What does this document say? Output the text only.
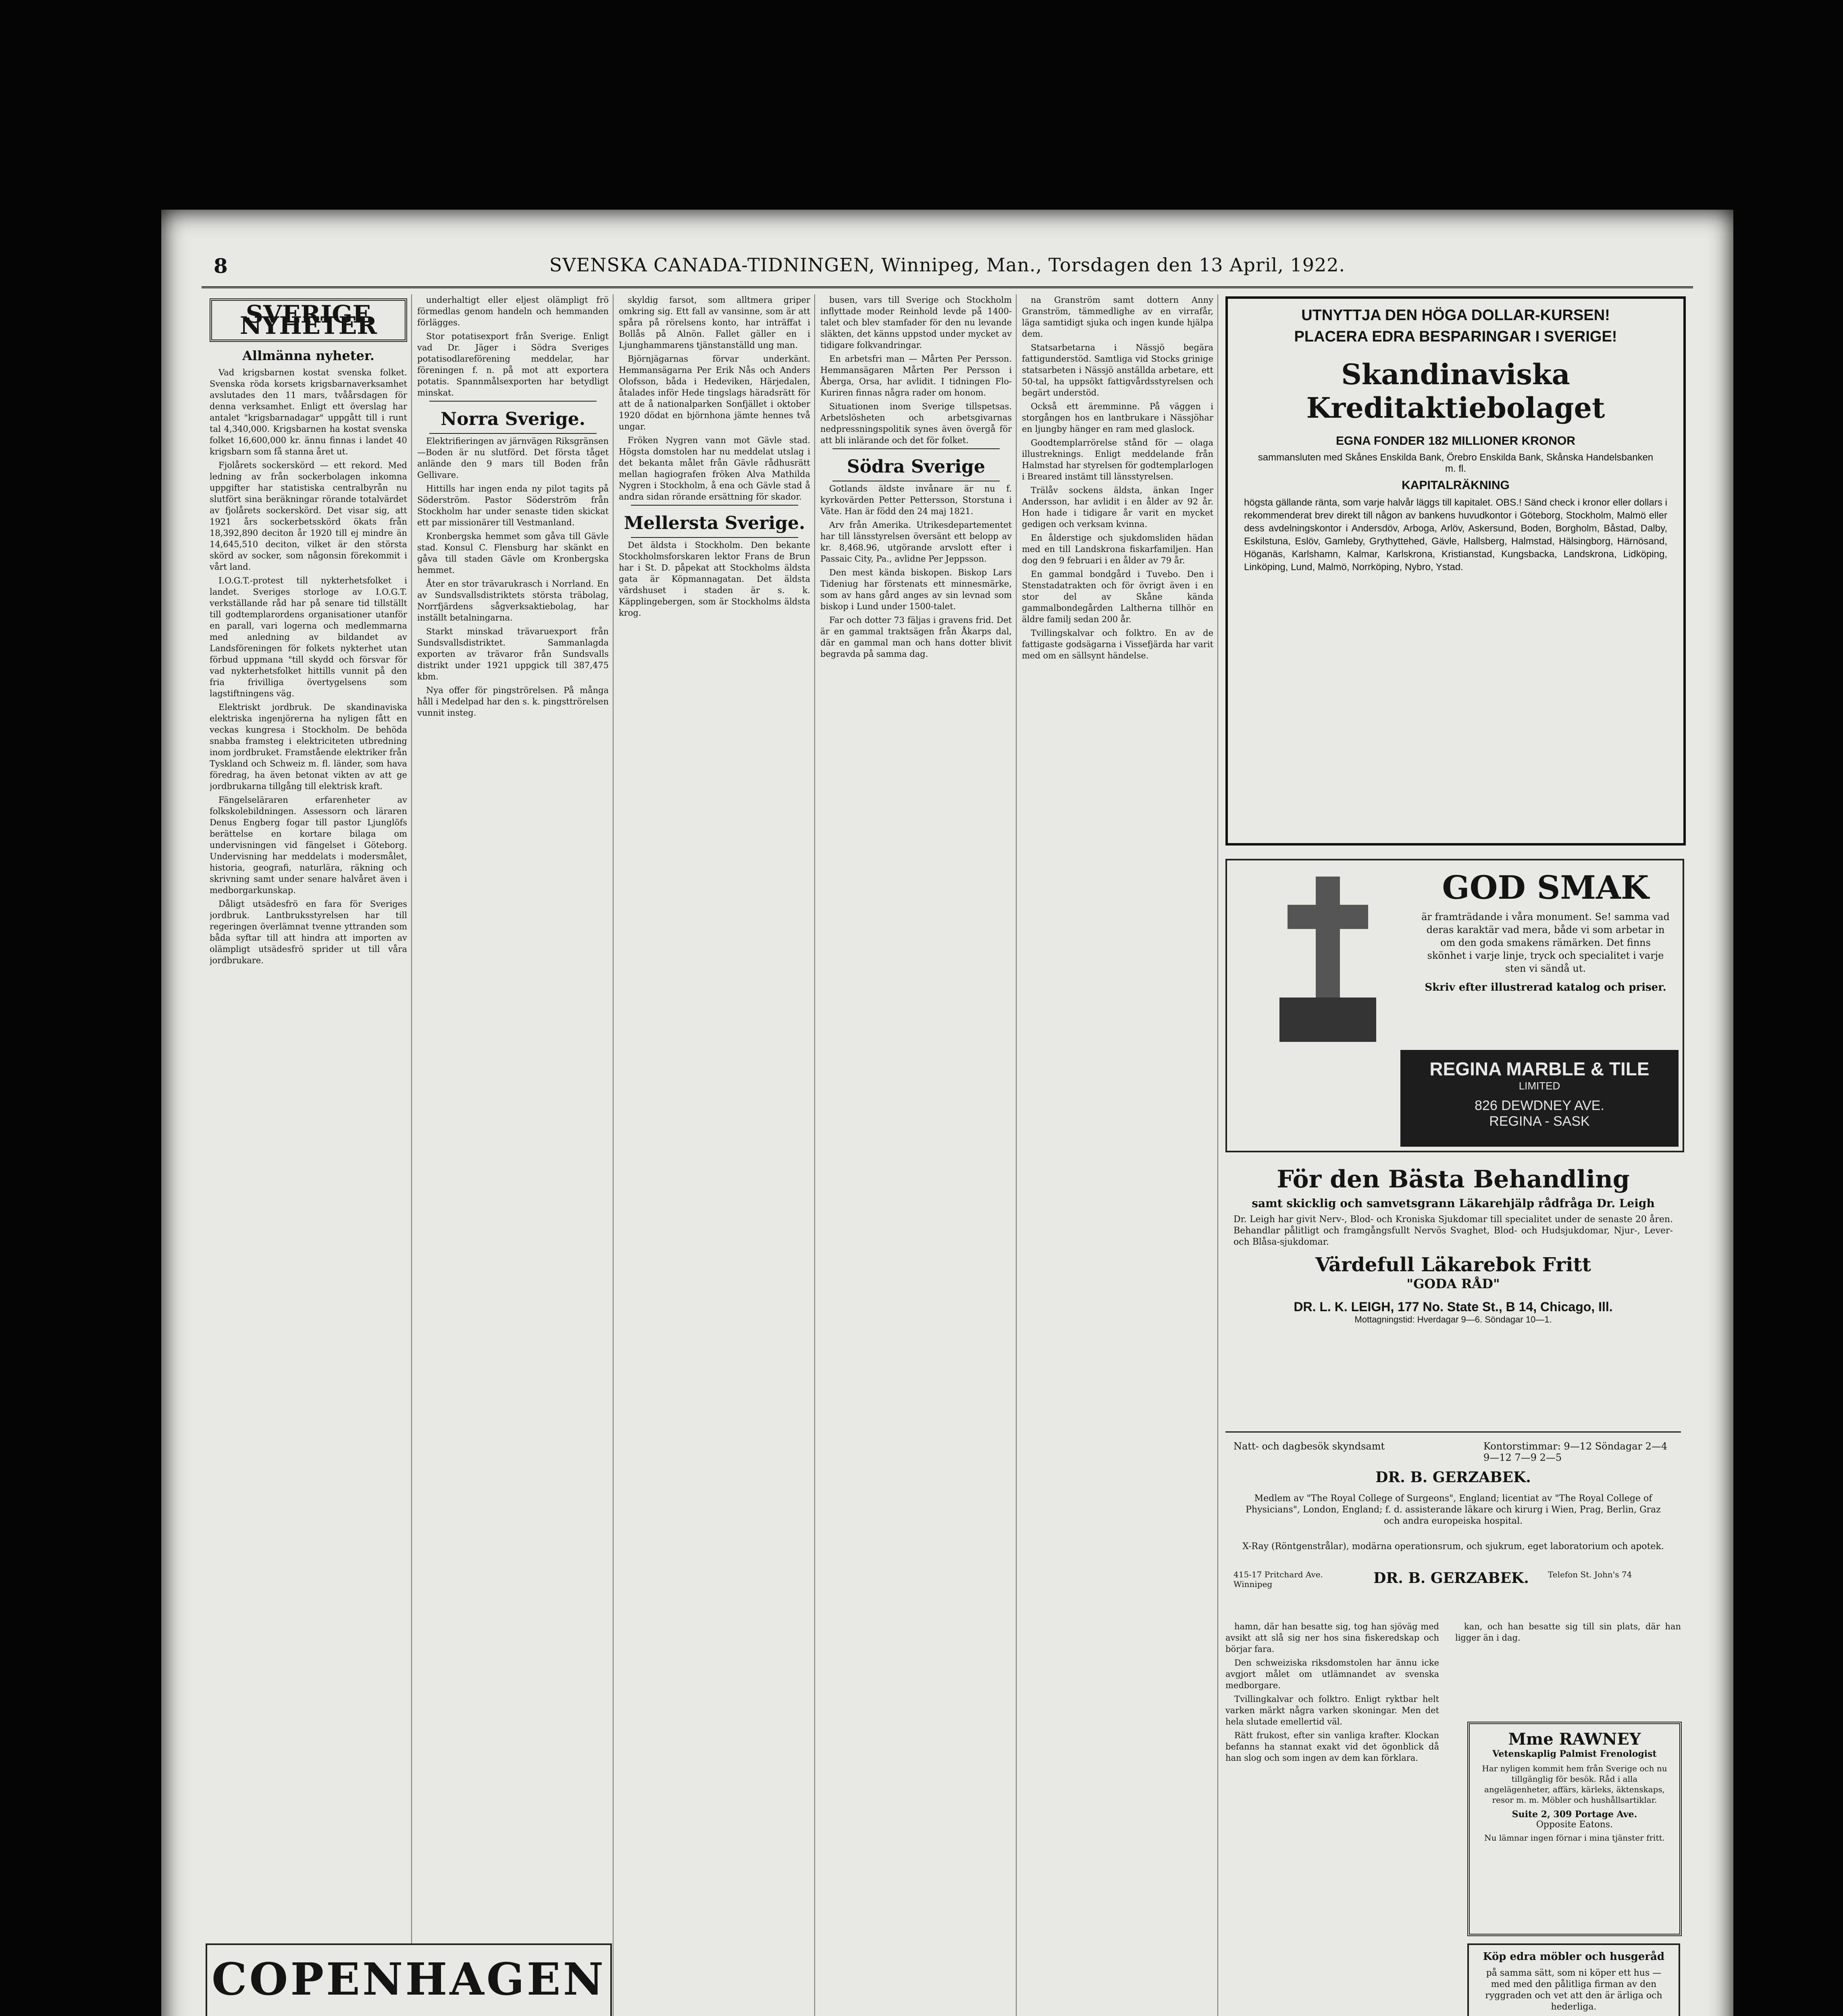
8	SVENSKA CANADA-TIDNINGEN, Winnipeg, Man., Torsdagen den 13 April, 1922.
SVERIGE NYHETER
Allmänna nyheter.

Vad krigsbarnen kostat svenska folket. Svenska röda korsets krigsbarnaverksamhet avslutades den 11 mars, tvåårsdagen för denna verksamhet. Enligt ett överslag har antalet "krigsbarnadagar" uppgått till i runt tal 4,340,000. Krigsbarnen ha kostat svenska folket 16,600,000 kr. ännu finnas i landet 40 krigsbarn som få stanna året ut.

Fjolårets sockerskörd — ett rekord. Med ledning av från sockerbolagen inkomna uppgifter har statistiska centralbyrån nu slutfört sina beräkningar rörande totalvärdet av fjolårets sockerskörd. Det visar sig, att 1921 års sockerbetsskörd ökats från 18,392,890 deciton år 1920 till ej mindre än 14,645,510 deciton, vilket är den största skörd av socker, som någonsin förekommit i vårt land.

I.O.G.T.-protest till nykterhetsfolket i landet. Sveriges storloge av I.O.G.T. verkställande råd har på senare tid tillställt till godtemplarordens organisationer utanför en parall, vari logerna och medlemmarna med anledning av bildandet av Landsföreningen för folkets nykterhet utan förbud uppmana "till skydd och försvar för vad nykterhetsfolket hittills vunnit på den fria frivilliga övertygelsens som lagstiftningens väg.

Elektriskt jordbruk. De skandinaviska elektriska ingenjörerna ha nyligen fått en veckas kungresa i Stockholm. De behöda snabba framsteg i elektriciteten utbredning inom jordbruket. Framstående elektriker från Tyskland och Schweiz m. fl. länder, som hava föredrag, ha även betonat vikten av att ge jordbrukarna tillgång till elektrisk kraft.

Fängelseläraren erfarenheter av folkskolebildningen. Assessorn och läraren Denus Engberg fogar till pastor Ljunglöfs berättelse en kortare bilaga om undervisningen vid fängelset i Göteborg. Undervisning har meddelats i modersmålet, historia, geografi, naturlära, räkning och skrivning samt under senare halvåret även i medborgarkunskap.

Dåligt utsädesfrö en fara för Sveriges jordbruk. Lantbruksstyrelsen har till regeringen överlämnat tvenne yttranden som båda syftar till att hindra att importen av olämpligt utsädesfrö sprider ut till våra jordbrukare.

underhaltigt eller eljest olämpligt frö förmedlas genom handeln och hemmanden förlägges.

Stor potatisexport från Sverige. Enligt vad Dr. Jäger i Södra Sveriges potatisodlareförening meddelar, har föreningen f. n. på mot att exportera potatis. Spannmålsexporten har betydligt minskat.

Norra Sverige.

Elektrifieringen av järnvägen Riksgränsen—Boden är nu slutförd. Det första tåget anlände den 9 mars till Boden från Gellivare.

Hittills har ingen enda ny pilot tagits på Söderström. Pastor Söderström från Stockholm har under senaste tiden skickat ett par missionärer till Vestmanland.

Kronbergska hemmet som gåva till Gävle stad. Konsul C. Flensburg har skänkt en gåva till staden Gävle om Kronbergska hemmet.

Åter en stor trävarukrasch i Norrland. En av Sundsvallsdistriktets största träbolag, Norrfjärdens sågverksaktiebolag, har inställt betalningarna.

Starkt minskad trävaruexport från Sundsvallsdistriktet. Sammanlagda exporten av trävaror från Sundsvalls distrikt under 1921 uppgick till 387,475 kbm.

Nya offer för pingströrelsen. På många håll i Medelpad har den s. k. pingsttrörelsen vunnit insteg.

COPENHAGEN

skyldig farsot, som alltmera griper omkring sig. Ett fall av vansinne, som är att spåra på rörelsens konto, har inträffat i Bollås på Alnön. Fallet gäller en i Ljunghammarens tjänstanställd ung man.

Björnjägarnas förvar underkänt. Hemmansägarna Per Erik Nås och Anders Olofsson, båda i Hedeviken, Härjedalen, åtalades inför Hede tingslags häradsrätt för att de å nationalparken Sonfjället i oktober 1920 dödat en björnhona jämte hennes två ungar.

Fröken Nygren vann mot Gävle stad. Högsta domstolen har nu meddelat utslag i det bekanta målet från Gävle rådhusrätt mellan hagiografen fröken Alva Mathilda Nygren i Stockholm, å ena och Gävle stad å andra sidan rörande ersättning för skador.

Mellersta Sverige.

Det äldsta i Stockholm. Den bekante Stockholmsforskaren lektor Frans de Brun har i St. D. påpekat att Stockholms äldsta gata är Köpmannagatan. Det äldsta värdshuset i staden är s. k. Käpplingebergen, som är Stockholms äldsta krog.

busen, vars till Sverige och Stockholm inflyttade moder Reinhold levde på 1400-talet och blev stamfader för den nu levande släkten, det känns uppstod under mycket av tidigare folkvandringar.

En arbetsfri man — Mårten Per Persson. Hemmansägaren Mårten Per Persson i Åberga, Orsa, har avlidit. I tidningen Flo-Kuriren finnas några rader om honom.

Situationen inom Sverige tillspetsas. Arbetslösheten och arbetsgivarnas nedpressningspolitik synes även övergå för att bli inlärande och det för folket.

Södra Sverige

Gotlands äldste invånare är nu f. kyrkovärden Petter Pettersson, Storstuna i Väte. Han är född den 24 maj 1821.

Arv från Amerika. Utrikesdepartementet har till länsstyrelsen översänt ett belopp av kr. 8,468.96, utgörande arvslott efter i Passaic City, Pa., avlidne Per Jeppsson.

Den mest kända biskopen. Biskop Lars Tideniug har förstenats ett minnesmärke, som av hans gård anges av sin levnad som biskop i Lund under 1500-talet.

Far och dotter 73 fäljas i gravens frid. Det är en gammal traktsägen från Åkarps dal, där en gammal man och hans dotter blivit begravda på samma dag.

na Granström samt dottern Anny Granström, tämmedlighe av en virrafår, läga samtidigt sjuka och ingen kunde hjälpa dem.

Statsarbetarna i Nässjö begära fattigunderstöd. Samtliga vid Stocks grinige statsarbeten i Nässjö anställda arbetare, ett 50-tal, ha uppsökt fattigvårdsstyrelsen och begärt understöd.

Också ett äremminne. På väggen i storgången hos en lantbrukare i Nässjöhar en ljungby hänger en ram med glaslock.

Goodtemplarrörelse stånd för — olaga illustreknings. Enligt meddelande från Halmstad har styrelsen för godtemplarlogen i Breared instämt till länsstyrelsen.

Trälåv sockens äldsta, änkan Inger Andersson, har avlidit i en ålder av 92 år. Hon hade i tidigare år varit en mycket gedigen och verksam kvinna.

En ålderstige och sjukdomsliden hädan med en till Landskrona fiskarfamiljen. Han dog den 9 februari i en ålder av 79 år.

En gammal bondgård i Tuvebo. Den i Stenstadatrakten och för övrigt även i en stor del av Skåne kända gammalbondegården Laltherna tillhör en äldre familj sedan 200 år.

Tvillingskalvar och folktro. En av de fattigaste godsägarna i Vissefjärda har varit med om en sällsynt händelse.

UTNYTTJA DEN HÖGA DOLLAR-KURSEN!
PLACERA EDRA BESPARINGAR I SVERIGE!
Skandinaviska Kreditaktiebolaget
EGNA FONDER 182 MILLIONER KRONOR
sammansluten med Skånes Enskilda Bank, Örebro Enskilda Bank, Skånska Handelsbanken m. fl.
KAPITALRÄKNING
högsta gällande ränta, som varje halvår läggs till kapitalet. OBS.! Sänd check i kronor eller dollars i rekommenderat brev direkt till någon av bankens huvudkontor i Göteborg, Stockholm, Malmö eller dess avdelningskontor i Andersdöv, Arboga, Arlöv, Askersund, Boden, Borgholm, Båstad, Dalby, Eskilstuna, Eslöv, Gamleby, Grythyttehed, Gävle, Hallsberg, Halmstad, Hälsingborg, Härnösand, Höganäs, Karlshamn, Kalmar, Karlskrona, Kristianstad, Kungsbacka, Landskrona, Lidköping, Linköping, Lund, Malmö, Norrköping, Nybro, Ystad.
GOD SMAK
är framträdande i våra monument. Se! samma vad deras karaktär vad mera, både vi som arbetar in om den goda smakens rämärken. Det finns skönhet i varje linje, tryck och specialitet i varje sten vi sändå ut.
Skriv efter illustrerad katalog och priser.
REGINA MARBLE & TILE
LIMITED
826 DEWDNEY AVE.
REGINA - SASK
För den Bästa Behandling
samt skicklig och samvetsgrann Läkarehjälp rådfråga Dr. Leigh
Dr. Leigh har givit Nerv-, Blod- och Kroniska Sjukdomar till specialitet under de senaste 20 åren. Behandlar pålitligt och framgångsfullt Nervös Svaghet, Blod- och Hudsjukdomar, Njur-, Lever- och Blåsa-sjukdomar.
Värdefull Läkarebok Fritt
"GODA RÅD"
DR. L. K. LEIGH, 177 No. State St., B 14, Chicago, Ill.
Mottagningstid: Hverdagar 9—6. Söndagar 10—1.
Natt- och dagbesök skyndsamt	Kontorstimmar: 9—12 Söndagar 2—4 9—12 7—9 2—5
DR. B. GERZABEK.
Medlem av "The Royal College of Surgeons", England; licentiat av "The Royal College of Physicians", London, England; f. d. assisterande läkare och kirurg i Wien, Prag, Berlin, Graz och andra europeiska hospital.
X-Ray (Röntgenstrålar), modärna operationsrum, och sjukrum, eget laboratorium och apotek.
415-17 Pritchard Ave. Winnipeg	DR. B. GERZABEK.	Telefon St. John's 74

hamn, där han besatte sig, tog han sjöväg med avsikt att slå sig ner hos sina fiskeredskap och börjar fara.

Den schweiziska riksdomstolen har ännu icke avgjort målet om utlämnandet av svenska medborgare.

Tvillingkalvar och folktro. Enligt ryktbar helt varken märkt några varken skoningar. Men det hela slutade emellertid väl.

Rätt frukost, efter sin vanliga krafter. Klockan befanns ha stannat exakt vid det ögonblick då han slog och som ingen av dem kan förklara.

kan, och han besatte sig till sin plats, där han ligger än i dag.

Mme RAWNEY
Vetenskaplig Palmist Frenologist
Har nyligen kommit hem från Sverige och nu tillgänglig för besök. Råd i alla angelägenheter, affärs, kärleks, äktenskaps, resor m. m. Möbler och hushållsartiklar.
Suite 2, 309 Portage Ave.
Opposite Eatons.
Nu lämnar ingen förnar i mina tjänster fritt.
Köp edra möbler och husgeråd
på samma sätt, som ni köper ett hus — med med den pålitliga firman av den ryggraden och vet att den är ärliga och hederliga.
